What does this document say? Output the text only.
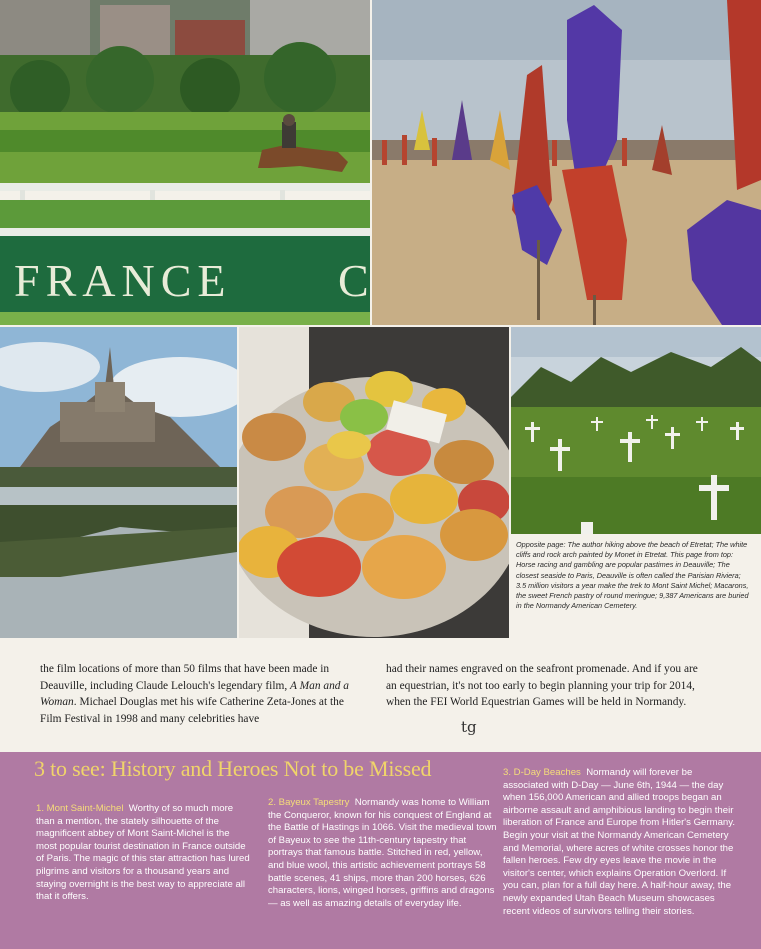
FRANCE C
Opposite page: The author hiking above the beach of Etretat; The white cliffs and rock arch painted by Monet in Etretat. This page from top: Horse racing and gambling are popular pastimes in Deauville; The closest seaside to Paris, Deauville is often called the Parisian Riviera; 3.5 million visitors a year make the trek to Mont Saint Michel; Macarons, the sweet French pastry of round meringue; 9,387 Americans are buried in the Normandy American Cemetery.
the film locations of more than 50 films that have been made in Deauville, including Claude Lelouch's legendary film, A Man and a Woman. Michael Douglas met his wife Catherine Zeta-Jones at the Film Festival in 1998 and many celebrities have
had their names engraved on the seafront promenade. And if you are an equestrian, it's not too early to begin planning your trip for 2014, when the FEI World Equestrian Games will be held in Normandy.
tg
3 to see: History and Heroes Not to be Missed
1. Mont Saint-Michel Worthy of so much more than a mention, the stately silhouette of the magnificent abbey of Mont Saint-Michel is the most popular tourist destination in France outside of Paris. The magic of this star attraction has lured pilgrims and visitors for a thousand years and staying overnight is the best way to appreciate all that it offers.
2. Bayeux Tapestry Normandy was home to William the Conqueror, known for his conquest of England at the Battle of Hastings in 1066. Visit the medieval town of Bayeux to see the 11th-century tapestry that portrays that famous battle. Stitched in red, yellow, and blue wool, this artistic achievement portrays 58 battle scenes, 41 ships, more than 200 horses, 626 characters, lions, winged horses, griffins and dragons — as well as amazing details of everyday life.
3. D-Day Beaches Normandy will forever be associated with D-Day — June 6th, 1944 — the day when 156,000 American and allied troops began an airborne assault and amphibious landing to begin their liberation of France and Europe from Hitler's Germany. Begin your visit at the Normandy American Cemetery and Memorial, where acres of white crosses honor the fallen heroes. Few dry eyes leave the movie in the visitor's center, which explains Operation Overlord. If you can, plan for a full day here. A half-hour away, the newly expanded Utah Beach Museum showcases recent videos of survivors telling their stories.
